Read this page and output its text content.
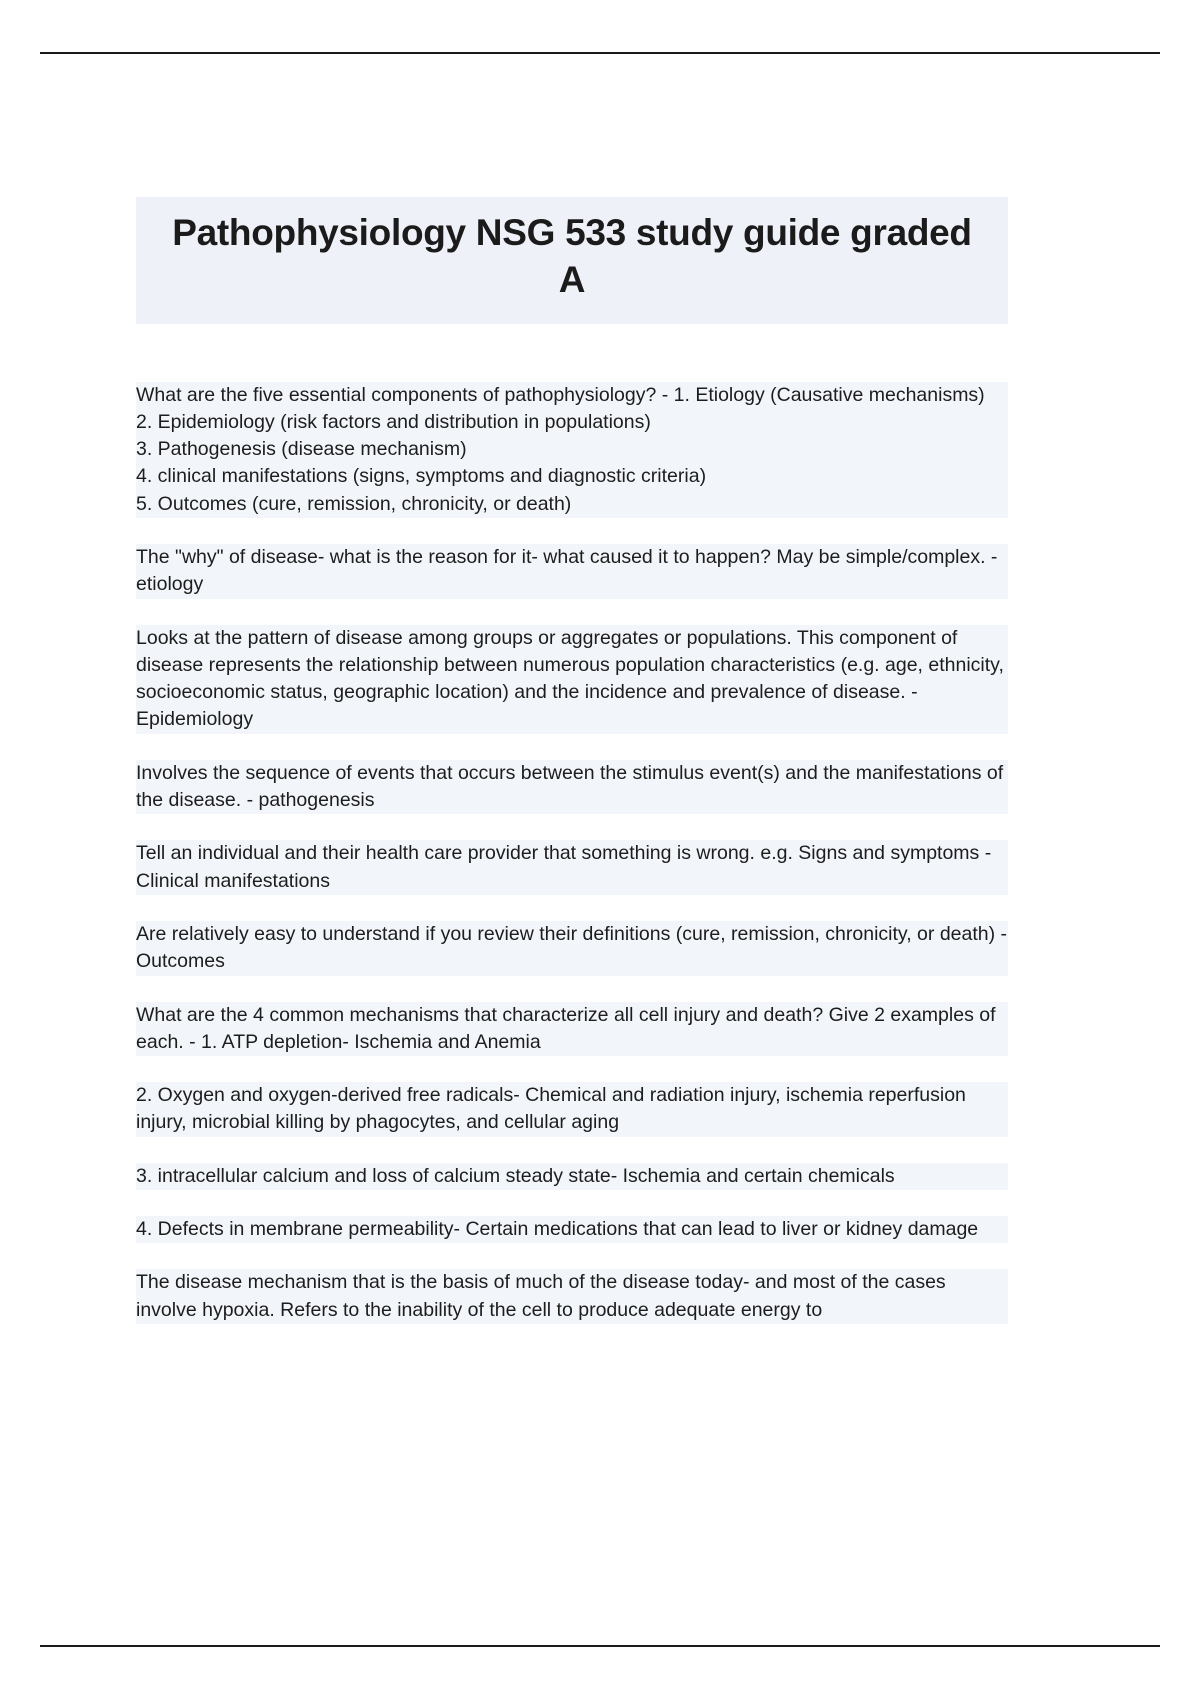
Pathophysiology NSG 533 study guide graded A

What are the five essential components of pathophysiology? - 1. Etiology (Causative mechanisms)

2. Epidemiology (risk factors and distribution in populations)

3. Pathogenesis (disease mechanism)

4. clinical manifestations (signs, symptoms and diagnostic criteria)

5. Outcomes (cure, remission, chronicity, or death)

The "why" of disease- what is the reason for it- what caused it to happen? May be simple/complex. - etiology

Looks at the pattern of disease among groups or aggregates or populations. This component of disease represents the relationship between numerous population characteristics (e.g. age, ethnicity, socioeconomic status, geographic location) and the incidence and prevalence of disease. - Epidemiology

Involves the sequence of events that occurs between the stimulus event(s) and the manifestations of the disease. - pathogenesis

Tell an individual and their health care provider that something is wrong. e.g. Signs and symptoms - Clinical manifestations

Are relatively easy to understand if you review their definitions (cure, remission, chronicity, or death) - Outcomes

What are the 4 common mechanisms that characterize all cell injury and death? Give 2 examples of each. - 1. ATP depletion- Ischemia and Anemia

2. Oxygen and oxygen-derived free radicals- Chemical and radiation injury, ischemia reperfusion injury, microbial killing by phagocytes, and cellular aging

3. intracellular calcium and loss of calcium steady state- Ischemia and certain chemicals

4. Defects in membrane permeability- Certain medications that can lead to liver or kidney damage

The disease mechanism that is the basis of much of the disease today- and most of the cases involve hypoxia. Refers to the inability of the cell to produce adequate energy to
